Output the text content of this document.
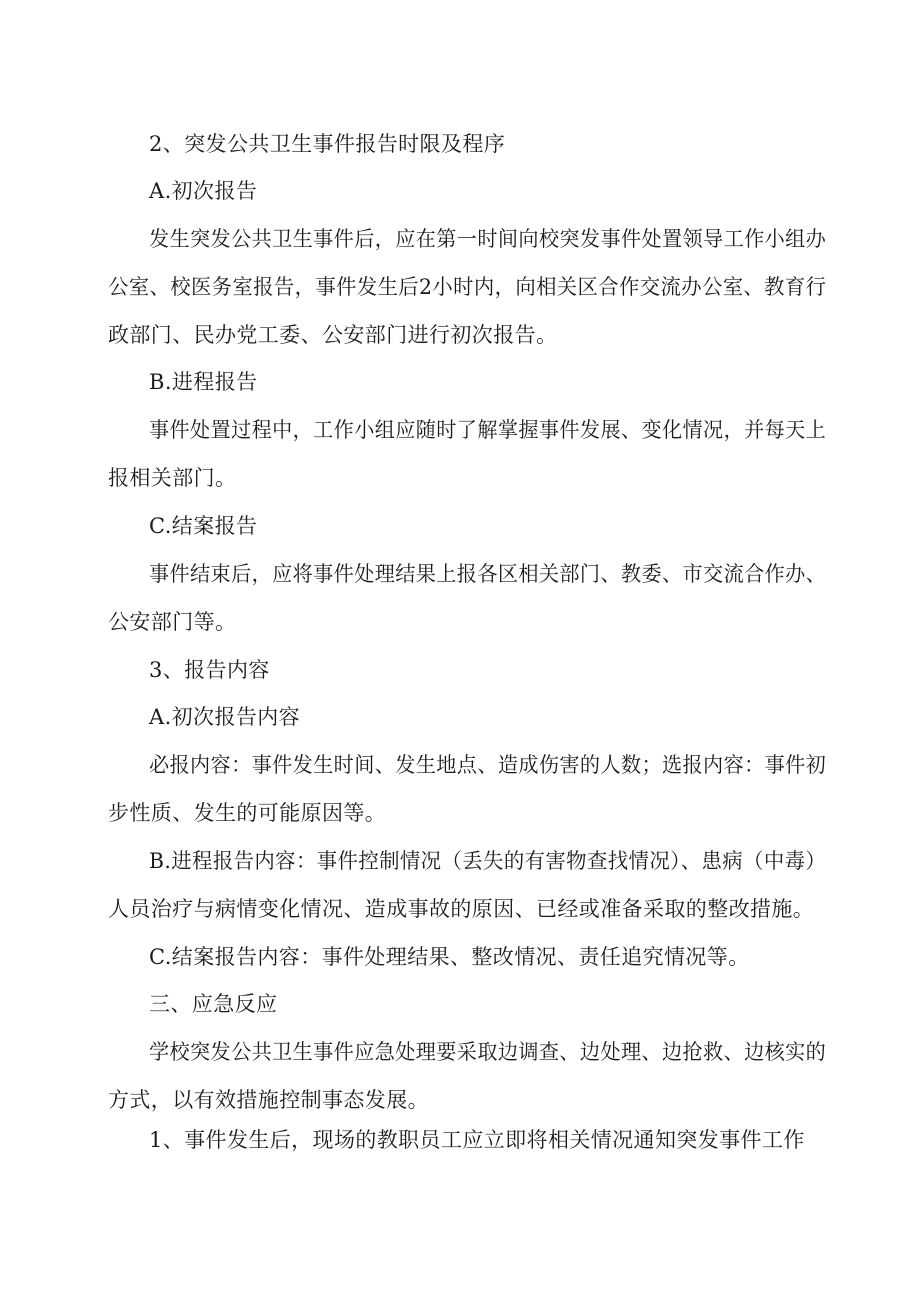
2、突发公共卫生事件报告时限及程序
A.初次报告
发生突发公共卫生事件后，应在第一时间向校突发事件处置领导工作小组办
公室、校医务室报告，事件发生后2小时内，向相关区合作交流办公室、教育行
政部门、民办党工委、公安部门进行初次报告。
B.进程报告
事件处置过程中，工作小组应随时了解掌握事件发展、变化情况，并每天上
报相关部门。
C.结案报告
事件结束后，应将事件处理结果上报各区相关部门、教委、市交流合作办、
公安部门等。
3、报告内容
A.初次报告内容
必报内容：事件发生时间、发生地点、造成伤害的人数；选报内容：事件初
步性质、发生的可能原因等。
B.进程报告内容：事件控制情况（丢失的有害物查找情况）、患病（中毒）
人员治疗与病情变化情况、造成事故的原因、已经或准备采取的整改措施。
C.结案报告内容：事件处理结果、整改情况、责任追究情况等。
三、应急反应
学校突发公共卫生事件应急处理要采取边调查、边处理、边抢救、边核实的
方式，以有效措施控制事态发展。
1、事件发生后，现场的教职员工应立即将相关情况通知突发事件工作
